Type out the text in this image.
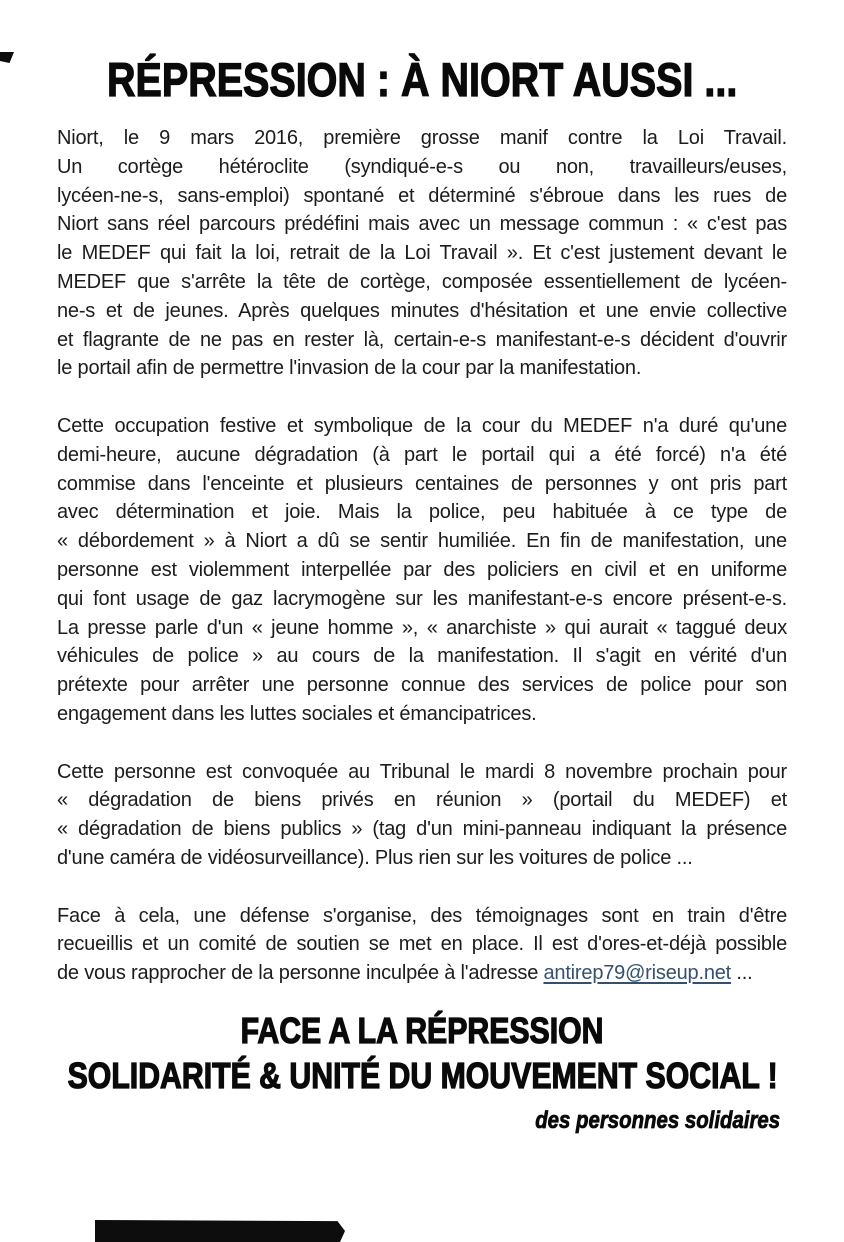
RÉPRESSION : À NIORT AUSSI ...
Niort, le 9 mars 2016, première grosse manif contre la Loi Travail.
Un cortège hétéroclite (syndiqué-e-s ou non, travailleurs/euses,
lycéen-ne-s, sans-emploi) spontané et déterminé s'ébroue dans les rues de
Niort sans réel parcours prédéfini mais avec un message commun : « c'est pas
le MEDEF qui fait la loi, retrait de la Loi Travail ». Et c'est justement devant le
MEDEF que s'arrête la tête de cortège, composée essentiellement de lycéen-
ne-s et de jeunes. Après quelques minutes d'hésitation et une envie collective
et flagrante de ne pas en rester là, certain-e-s manifestant-e-s décident d'ouvrir
le portail afin de permettre l'invasion de la cour par la manifestation.
Cette occupation festive et symbolique de la cour du MEDEF n'a duré qu'une
demi-heure, aucune dégradation (à part le portail qui a été forcé) n'a été
commise dans l'enceinte et plusieurs centaines de personnes y ont pris part
avec détermination et joie. Mais la police, peu habituée à ce type de
« débordement » à Niort a dû se sentir humiliée. En fin de manifestation, une
personne est violemment interpellée par des policiers en civil et en uniforme
qui font usage de gaz lacrymogène sur les manifestant-e-s encore présent-e-s.
La presse parle d'un « jeune homme », « anarchiste » qui aurait « taggué deux
véhicules de police » au cours de la manifestation. Il s'agit en vérité d'un
prétexte pour arrêter une personne connue des services de police pour son
engagement dans les luttes sociales et émancipatrices.
Cette personne est convoquée au Tribunal le mardi 8 novembre prochain pour
« dégradation de biens privés en réunion » (portail du MEDEF) et
« dégradation de biens publics » (tag d'un mini-panneau indiquant la présence
d'une caméra de vidéosurveillance). Plus rien sur les voitures de police ...
Face à cela, une défense s'organise, des témoignages sont en train d'être
recueillis et un comité de soutien se met en place. Il est d'ores-et-déjà possible
de vous rapprocher de la personne inculpée à l'adresse antirep79@riseup.net ...
FACE A LA RÉPRESSION
SOLIDARITÉ & UNITÉ DU MOUVEMENT SOCIAL !
des personnes solidaires
